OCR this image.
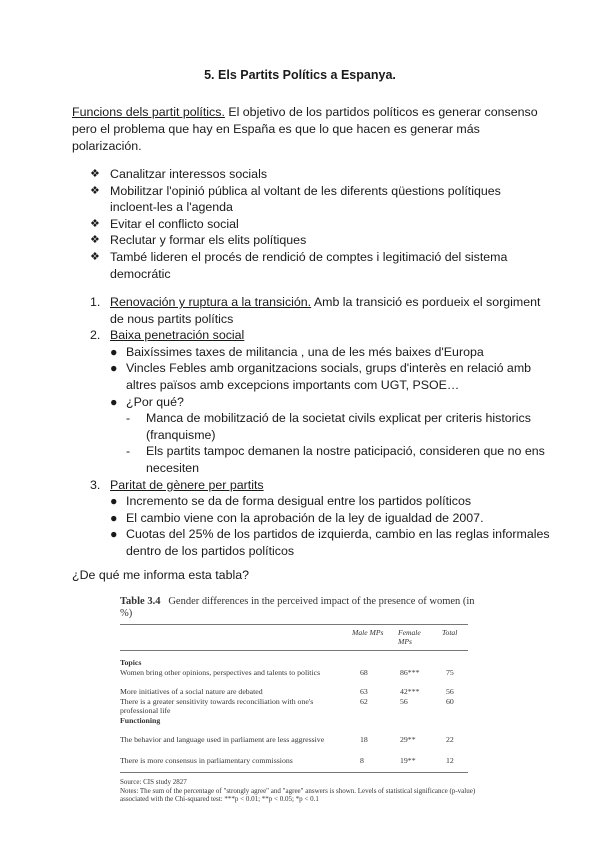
5. Els Partits Polítics a Espanya.
Funcions dels partit polítics. El objetivo de los partidos políticos es generar consenso pero el problema que hay en España es que lo que hacen es generar más polarización.
❖ Canalitzar interessos socials
❖ Mobilitzar l'opinió pública al voltant de les diferents qüestions polítiques incloent-les a l'agenda
❖ Evitar el conflicto social
❖ Reclutar y formar els elits polítiques
❖ També lideren el procés de rendició de comptes i legitimació del sistema democrátic
1. Renovación y ruptura a la transición. Amb la transició es pordueix el sorgiment de nous partits polítics
2. Baixa penetración social
● Baixíssimes taxes de militancia , una de les més baixes d'Europa
● Vincles Febles amb organitzacions socials, grups d'interès en relació amb altres països amb excepcions importants com UGT, PSOE…
● ¿Por qué?
- Manca de mobilització de la societat civils explicat per criteris historics (franquisme)
- Els partits tampoc demanen la nostre paticipació, consideren que no ens necesiten
3. Paritat de gènere per partits
● Incremento se da de forma desigual entre los partidos políticos
● El cambio viene con la aprobación de la ley de igualdad de 2007.
● Cuotas del 25% de los partidos de izquierda, cambio en las reglas informales dentro de los partidos políticos
¿De qué me informa esta tabla?
Table 3.4 Gender differences in the perceived impact of the presence of women (in %)
Male MPs Female MPs
Total
Topics
Women bring other opinions, perspectives and talents to politics	68	86***	75
More initiatives of a social nature are debated	63	42***	56
There is a greater sensitivity towards reconciliation with one's professional life
62	56	60
Functioning
The behavior and language used in parliament are less aggressive	18	29**	22
There is more consensus in parliamentary commissions	8	19**	12
Source: CIS study 2827
Notes: The sum of the percentage of "strongly agree" and "agree" answers is shown. Levels of statistical significance (p-value) associated with the Chi-squared test: ***p < 0.01; **p < 0.05; *p < 0.1
